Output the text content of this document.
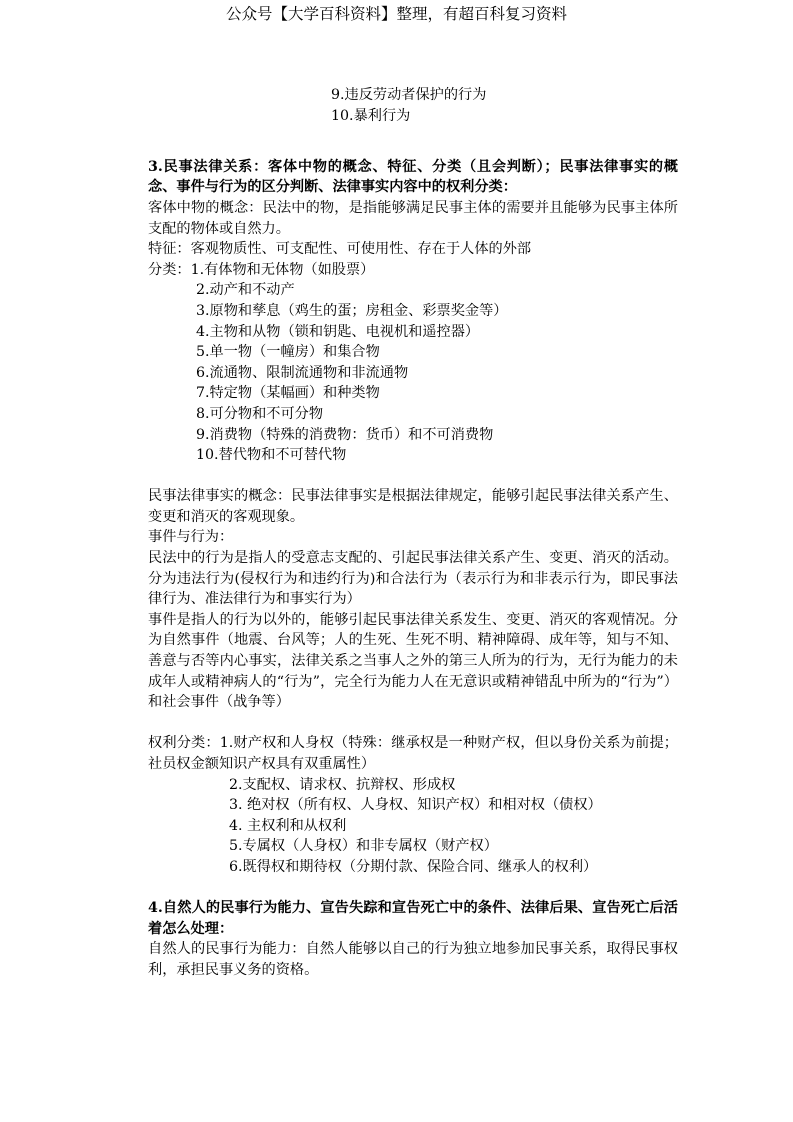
公众号【大学百科资料】整理，有超百科复习资料
9.违反劳动者保护的行为
10.暴利行为

3.民事法律关系：客体中物的概念、特征、分类（且会判断）；民事法律事实的概念、事件与行为的区分判断、法律事实内容中的权利分类：

客体中物的概念：民法中的物，是指能够满足民事主体的需要并且能够为民事主体所支配的物体或自然力。

特征：客观物质性、可支配性、可使用性、存在于人体的外部

分类：1.有体物和无体物（如股票）

2.动产和不动产
3.原物和孳息（鸡生的蛋；房租金、彩票奖金等）
4.主物和从物（锁和钥匙、电视机和遥控器）
5.单一物（一幢房）和集合物
6.流通物、限制流通物和非流通物
7.特定物（某幅画）和种类物
8.可分物和不可分物
9.消费物（特殊的消费物：货币）和不可消费物
10.替代物和不可替代物

民事法律事实的概念：民事法律事实是根据法律规定，能够引起民事法律关系产生、变更和消灭的客观现象。

事件与行为：

民法中的行为是指人的受意志支配的、引起民事法律关系产生、变更、消灭的活动。分为违法行为(侵权行为和违约行为)和合法行为（表示行为和非表示行为，即民事法律行为、准法律行为和事实行为）

事件是指人的行为以外的，能够引起民事法律关系发生、变更、消灭的客观情况。分为自然事件（地震、台风等；人的生死、生死不明、精神障碍、成年等，知与不知、善意与否等内心事实，法律关系之当事人之外的第三人所为的行为，无行为能力的未成年人或精神病人的“行为”，完全行为能力人在无意识或精神错乱中所为的“行为”）和社会事件（战争等）

权利分类：1.财产权和人身权（特殊：继承权是一种财产权，但以身份关系为前提；社员权金额知识产权具有双重属性）

2.支配权、请求权、抗辩权、形成权
3. 绝对权（所有权、人身权、知识产权）和相对权（债权）
4. 主权利和从权利
5.专属权（人身权）和非专属权（财产权）
6.既得权和期待权（分期付款、保险合同、继承人的权利）

4.自然人的民事行为能力、宣告失踪和宣告死亡中的条件、法律后果、宣告死亡后活着怎么处理：

自然人的民事行为能力：自然人能够以自己的行为独立地参加民事关系，取得民事权利，承担民事义务的资格。
